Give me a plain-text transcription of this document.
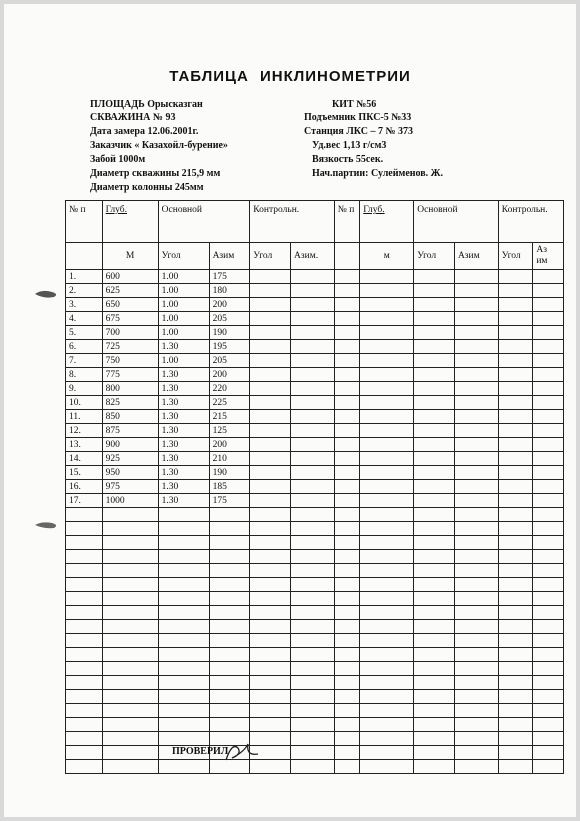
ТАБЛИЦА ИНКЛИНОМЕТРИИ
ПЛОЩАДЬ Орысказган
СКВАЖИНА № 93
Дата замера 12.06.2001г.
Заказчик « Казахойл-бурение»
Забой 1000м
Диаметр скважины 215,9 мм
Диаметр колонны 245мм
КИТ №56
Подъемник ПКС-5 №33
Станция ЛКС – 7 № 373
Уд.вес 1,13 г/см3
Вязкость 55сек.
Нач.партии: Сулейменов. Ж.
№ п	Глуб.	Основной		Контрольн.		№ п	Глуб.	Основной		Контрольн.	
	М	Угол	Азим	Угол	Азим.		м	Угол	Азим	Угол	Аз им
1.	600	1.00	175								
2.	625	1.00	180								
3.	650	1.00	200								
4.	675	1.00	205								
5.	700	1.00	190								
6.	725	1.30	195								
7.	750	1.00	205								
8.	775	1.30	200								
9.	800	1.30	220								
10.	825	1.30	225								
11.	850	1.30	215								
12.	875	1.30	125								
13.	900	1.30	200								
14.	925	1.30	210								
15.	950	1.30	190								
16.	975	1.30	185								
17.	1000	1.30	175								

ПРОВЕРИЛ
